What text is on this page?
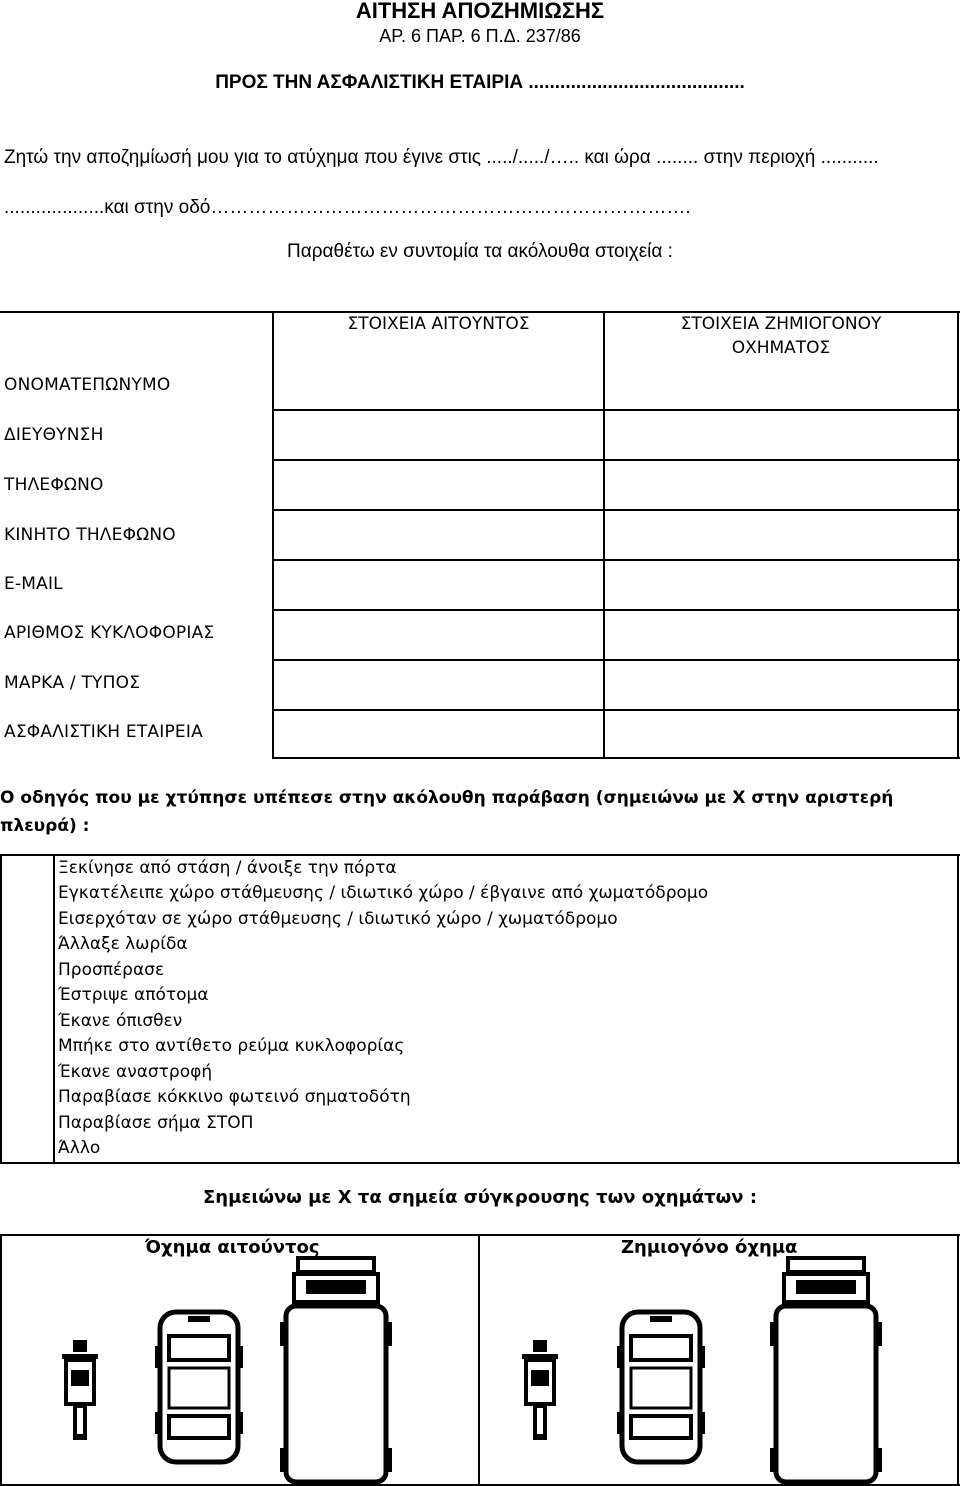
ΑΙΤΗΣΗ ΑΠΟΖΗΜΙΩΣΗΣ
ΑΡ. 6 ΠΑΡ. 6 Π.Δ. 237/86
ΠΡΟΣ ΤΗΝ ΑΣΦΑΛΙΣΤΙΚΗ ΕΤΑΙΡΙΑ .........................................
Ζητώ την αποζημίωσή μου για το ατύχημα που έγινε στις ...../...../….. και ώρα ........ στην περιοχή ...........
...................και στην οδό………………………………………………………………….
Παραθέτω εν συντομία τα ακόλουθα στοιχεία :
ΣΤΟΙΧΕΙΑ ΑΙΤΟΥΝΤΟΣ	ΣΤΟΙΧΕΙΑ ΖΗΜΙΟΓΟΝΟΥ
ΟΧΗΜΑΤΟΣ
ΟΝΟΜΑΤΕΠΩΝΥΜΟ
ΔΙΕΥΘΥΝΣΗ
ΤΗΛΕΦΩΝΟ
ΚΙΝΗΤΟ ΤΗΛΕΦΩΝΟ
E-MAIL
ΑΡΙΘΜΟΣ ΚΥΚΛΟΦΟΡΙΑΣ
ΜΑΡΚΑ / ΤΥΠΟΣ
ΑΣΦΑΛΙΣΤΙΚΗ ΕΤΑΙΡΕΙΑ
Ο οδηγός που με χτύπησε υπέπεσε στην ακόλουθη παράβαση (σημειώνω με Χ στην αριστερή πλευρά) :
Ξεκίνησε από στάση / άνοιξε την πόρτα
Εγκατέλειπε χώρο στάθμευσης / ιδιωτικό χώρο / έβγαινε από χωματόδρομο
Εισερχόταν σε χώρο στάθμευσης / ιδιωτικό χώρο / χωματόδρομο
Άλλαξε λωρίδα
Προσπέρασε
Έστριψε απότομα
Έκανε όπισθεν
Μπήκε στο αντίθετο ρεύμα κυκλοφορίας
Έκανε αναστροφή
Παραβίασε κόκκινο φωτεινό σηματοδότη
Παραβίασε σήμα ΣΤΟΠ
Άλλο
Σημειώνω με Χ τα σημεία σύγκρουσης των οχημάτων :
Όχημα αιτούντος	Ζημιογόνο όχημα
